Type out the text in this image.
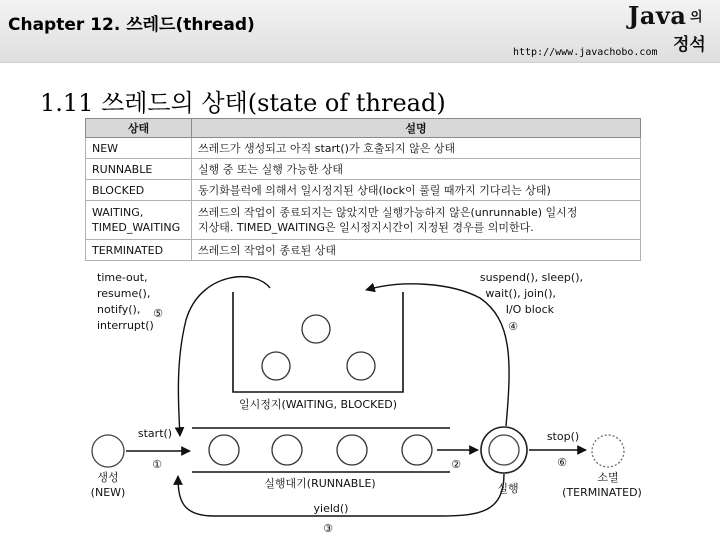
Chapter 12. 쓰레드(thread)	Java 의
정석
http://www.javachobo.com
1.11 쓰레드의 상태(state of thread)
상태	설명
NEW	쓰레드가 생성되고 아직 start()가 호출되지 않은 상태
RUNNABLE	실행 중 또는 실행 가능한 상태
BLOCKED	동기화블럭에 의해서 일시정지된 상태(lock이 풀릴 때까지 기다리는 상태)
WAITING,
TIMED_WAITING	쓰레드의 작업이 종료되지는 않았지만 실행가능하지 않은(unrunnable) 일시정
지상태. TIMED_WAITING은 일시정지시간이 지정된 경우를 의미한다.
TERMINATED	쓰레드의 작업이 종료된 상태
일시정지(WAITING, BLOCKED)
실행대기(RUNNABLE)
생성
(NEW)
start()
①
실행
②
stop()
⑥
소멸
(TERMINATED)
yield()
③
suspend(), sleep(),
wait(), join(),
I/O block
④
time-out,
resume(),
notify(),
interrupt()
⑤
